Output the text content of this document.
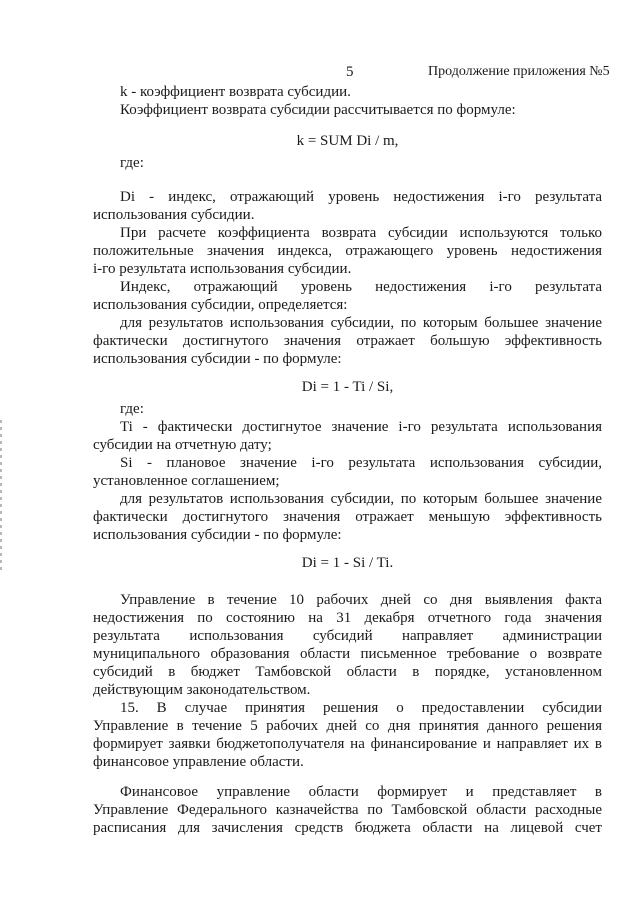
5	Продолжение приложения №5
k - коэффициент возврата субсидии.
Коэффициент возврата субсидии рассчитывается по формуле:
k = SUM Di / m,
где:
Di - индекс, отражающий уровень недостижения i-го результата
использования субсидии.
При расчете коэффициента возврата субсидии используются только
положительные значения индекса, отражающего уровень недостижения
i-го результата использования субсидии.
Индекс, отражающий уровень недостижения i-го результата
использования субсидии, определяется:
для результатов использования субсидии, по которым большее значение
фактически достигнутого значения отражает большую эффективность
использования субсидии - по формуле:
Di = 1 - Ti / Si,
где:
Ti - фактически достигнутое значение i-го результата использования
субсидии на отчетную дату;
Si - плановое значение i-го результата использования субсидии,
установленное соглашением;
для результатов использования субсидии, по которым большее значение
фактически достигнутого значения отражает меньшую эффективность
использования субсидии - по формуле:
Di = 1 - Si / Ti.
Управление в течение 10 рабочих дней со дня выявления факта
недостижения по состоянию на 31 декабря отчетного года значения
результата использования субсидий направляет администрации
муниципального образования области письменное требование о возврате
субсидий в бюджет Тамбовской области в порядке, установленном
действующим законодательством.
15. В случае принятия решения о предоставлении субсидии
Управление в течение 5 рабочих дней со дня принятия данного решения
формирует заявки бюджетополучателя на финансирование и направляет их в
финансовое управление области.
Финансовое управление области формирует и представляет в
Управление Федерального казначейства по Тамбовской области расходные
расписания для зачисления средств бюджета области на лицевой счет
